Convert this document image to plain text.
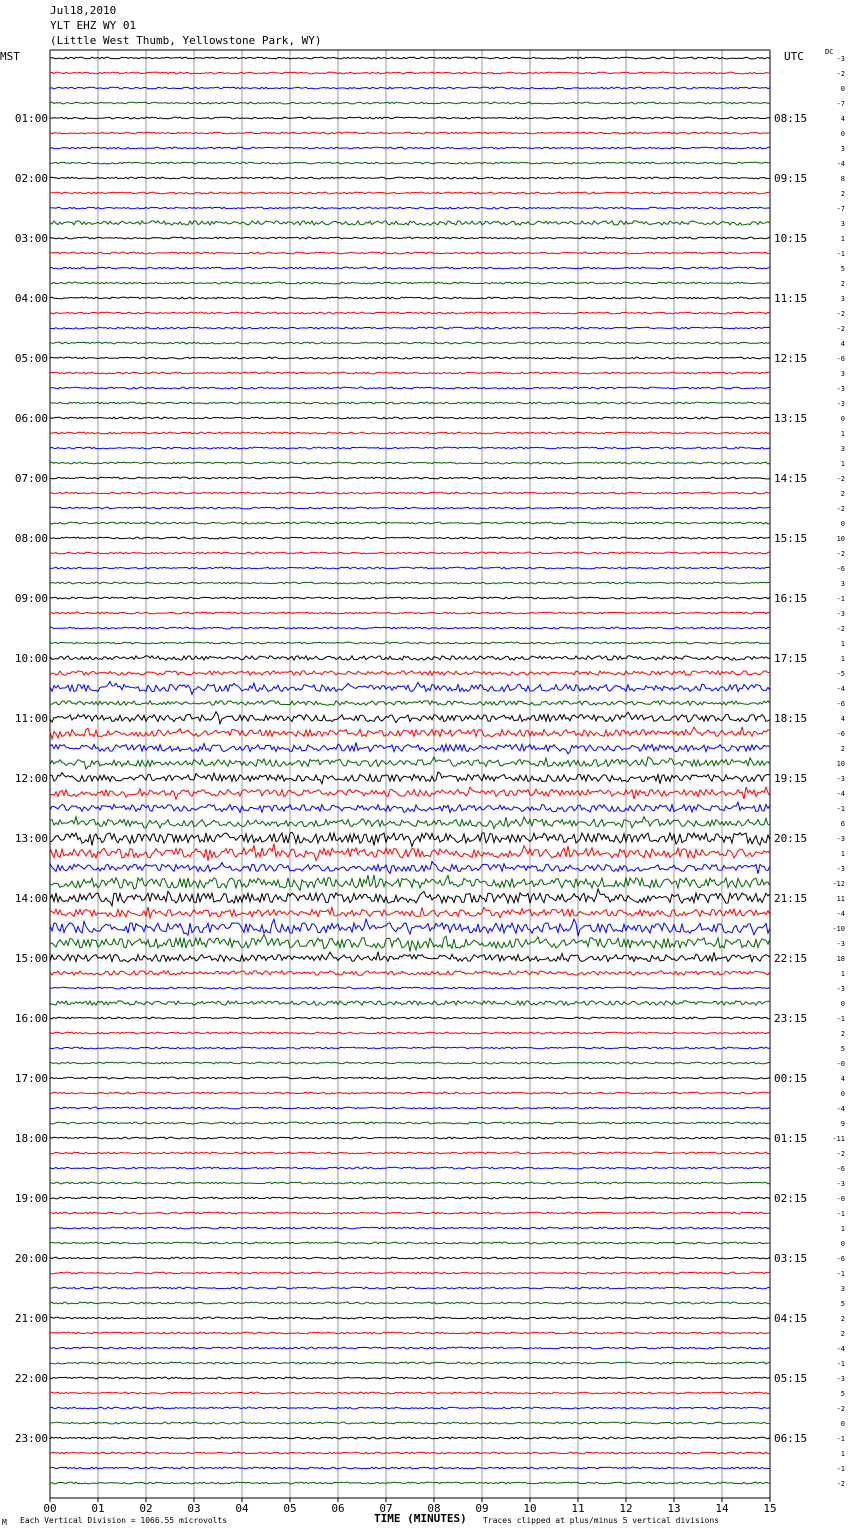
01:00
02:00
03:00
04:00
05:00
06:00
07:00
08:00
09:00
10:00
11:00
12:00
13:00
14:00
15:00
16:00
17:00
18:00
19:00
20:00
21:00
22:00
23:00
08:15
09:15
10:15
11:15
12:15
13:15
14:15
15:15
16:15
17:15
18:15
19:15
20:15
21:15
22:15
23:15
00:15
01:15
02:15
03:15
04:15
05:15
06:15
-3
-2
0
-7
4
0
3
-4
8
2
-7
3
1
-1
5
2
3
-2
-2
4
-6
3
-3
-3
0
1
3
1
-2
2
-2
0
10
-2
-6
3
-1
-3
-2
1
1
-5
-4
-6
4
-6
2
10
-3
-4
-1
6
-3
1
-3
-12
11
-4
-10
-3
18
1
-3
0
-1
2
5
-0
4
0
-4
9
-11
-2
-6
-3
-0
-1
1
0
-6
-1
3
5
2
2
-4
-1
-3
5
-2
0
-1
1
-1
-2
00	01	02	03	04	05	06	07	08	09	10	11	12	13	14	15
Jul18,2010
YLT EHZ WY 01
(Little West Thumb, Yellowstone Park, WY)
MST	UTC	DC
TIME (MINUTES)
M Each Vertical Division = 1066.55 microvolts	Traces clipped at plus/minus 5 vertical divisions
